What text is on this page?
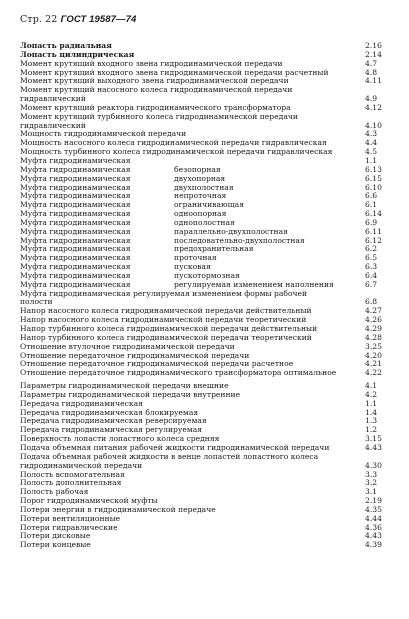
Стр. 22 ГОСТ 19587—74
Лопасть радиальная	2.16
Лопасть цилиндрическая	2.14
Момент крутящий входного звена гидродинамической передачи	4.7
Момент крутящий входного звена гидродинамической передачи расчетный	4.8
Момент крутящий выходного звена гидродинамической передачи	4.11
Момент крутящий насосного колеса гидродинамической передачи
гидравлический	4.9
Момент крутящий реактора гидродинамического трансформатора	4.12
Момент крутящий турбинного колеса гидродинамической передачи
гидравлический	4.10
Мощность гидродинамической передачи	4.3
Мощность насосного колеса гидродинамической передачи гидравлическая	4.4
Мощность турбинного колеса гидродинамической передачи гидравлическая	4.5
Муфта гидродинамическая	1.1
Муфта гидродинамическая                  безопорная	6.13
Муфта гидродинамическая                  двухопорная	6.15
Муфта гидродинамическая                  двухполостная	6.10
Муфта гидродинамическая                  непроточная	6.6
Муфта гидродинамическая                  ограничивающая	6.1
Муфта гидродинамическая                  одноопорная	6.14
Муфта гидродинамическая                  однополостная	6.9
Муфта гидродинамическая                  параллельно-двухполостная	6.11
Муфта гидродинамическая                  последовательно-двухполостная	6.12
Муфта гидродинамическая                  предохранительная	6.2
Муфта гидродинамическая                  проточная	6.5
Муфта гидродинамическая                  пусковая	6.3
Муфта гидродинамическая                  пускотормозная	6.4
Муфта гидродинамическая                  регулируемая изменением наполнения	6.7
Муфта гидродинамическая регулируемая изменением формы рабочей
полости	6.8
Напор насосного колеса гидродинамической передачи действительный	4.27
Напор насосного колеса гидродинамической передачи теоретический	4.26
Напор турбинного колеса гидродинамической передачи действительный	4.29
Напор турбинного колеса гидродинамической передачи теоретический	4.28
Отношение втулочное гидродинамической передачи	3.25
Отношение передаточное гидродинамической передачи	4.20
Отношение передаточное гидродинамической передачи расчетное	4.21
Отношение передаточное гидродинамического трансформатора оптимальное	4.22
Параметры гидродинамической передачи внешние	4.1
Параметры гидродинамической передачи внутренние	4.2
Передача гидродинамическая	1.1
Передача гидродинамическая блокируемая	1.4
Передача гидродинамическая реверсируемая	1.3
Передача гидродинамическая регулируемая	1.2
Поверхность лопасти лопастного колеса средняя	3.15
Подача объемная питания рабочей жидкости гидродинамической передачи	4.43
Подача объемная рабочей жидкости в венце лопастей лопастного колеса
гидродинамической передачи	4.30
Полость вспомогательная	3.3
Полость дополнительная	3.2
Полость рабочая	3.1
Порог гидродинамической муфты	2.19
Потери энергии в гидродинамической передаче	4.35
Потери вентиляционные	4.44
Потери гидравлические	4.36
Потери дисковые	4.43
Потери концевые	4.39
